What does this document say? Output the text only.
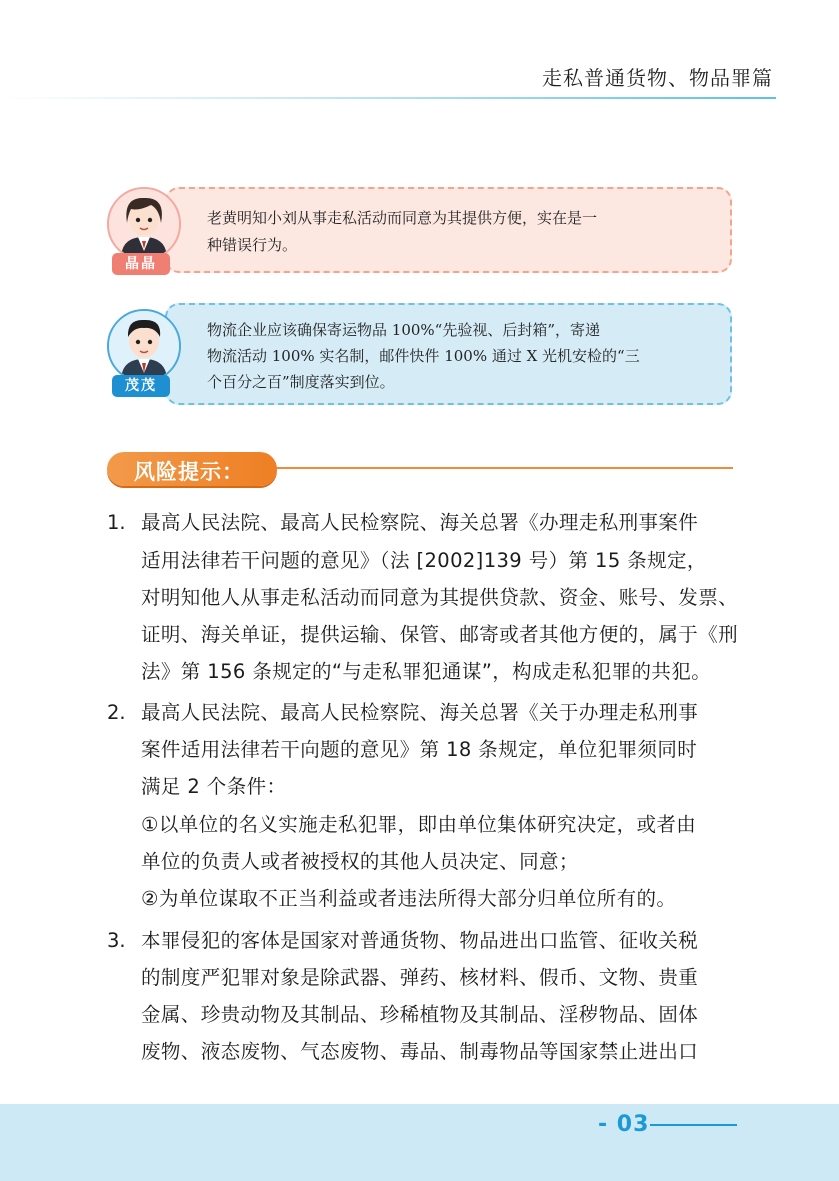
走私普通货物、物品罪篇
老黄明知小刘从事走私活动而同意为其提供方便，实在是一
种错误行为。
晶晶
物流企业应该确保寄运物品 100%“先验视、后封箱”，寄递
物流活动 100% 实名制，邮件快件 100% 通过 X 光机安检的“三
个百分之百”制度落实到位。
茂茂
风险提示：
1. 最高人民法院、最高人民检察院、海关总署《办理走私刑事案件
适用法律若干问题的意见》（法 [2002]139 号）第 15 条规定，
对明知他人从事走私活动而同意为其提供贷款、资金、账号、发票、
证明、海关单证，提供运输、保管、邮寄或者其他方便的，属于《刑
法》第 156 条规定的“与走私罪犯通谋”，构成走私犯罪的共犯。
2. 最高人民法院、最高人民检察院、海关总署《关于办理走私刑事
案件适用法律若干向题的意见》第 18 条规定，单位犯罪须同时
满足 2 个条件：
①以单位的名义实施走私犯罪，即由单位集体研究决定，或者由
单位的负责人或者被授权的其他人员决定、同意；
②为单位谋取不正当利益或者违法所得大部分归单位所有的。
3. 本罪侵犯的客体是国家对普通货物、物品进出口监管、征收关税
的制度严犯罪对象是除武器、弹药、核材料、假币、文物、贵重
金属、珍贵动物及其制品、珍稀植物及其制品、淫秽物品、固体
废物、液态废物、气态废物、毒品、制毒物品等国家禁止进出口
- 03
